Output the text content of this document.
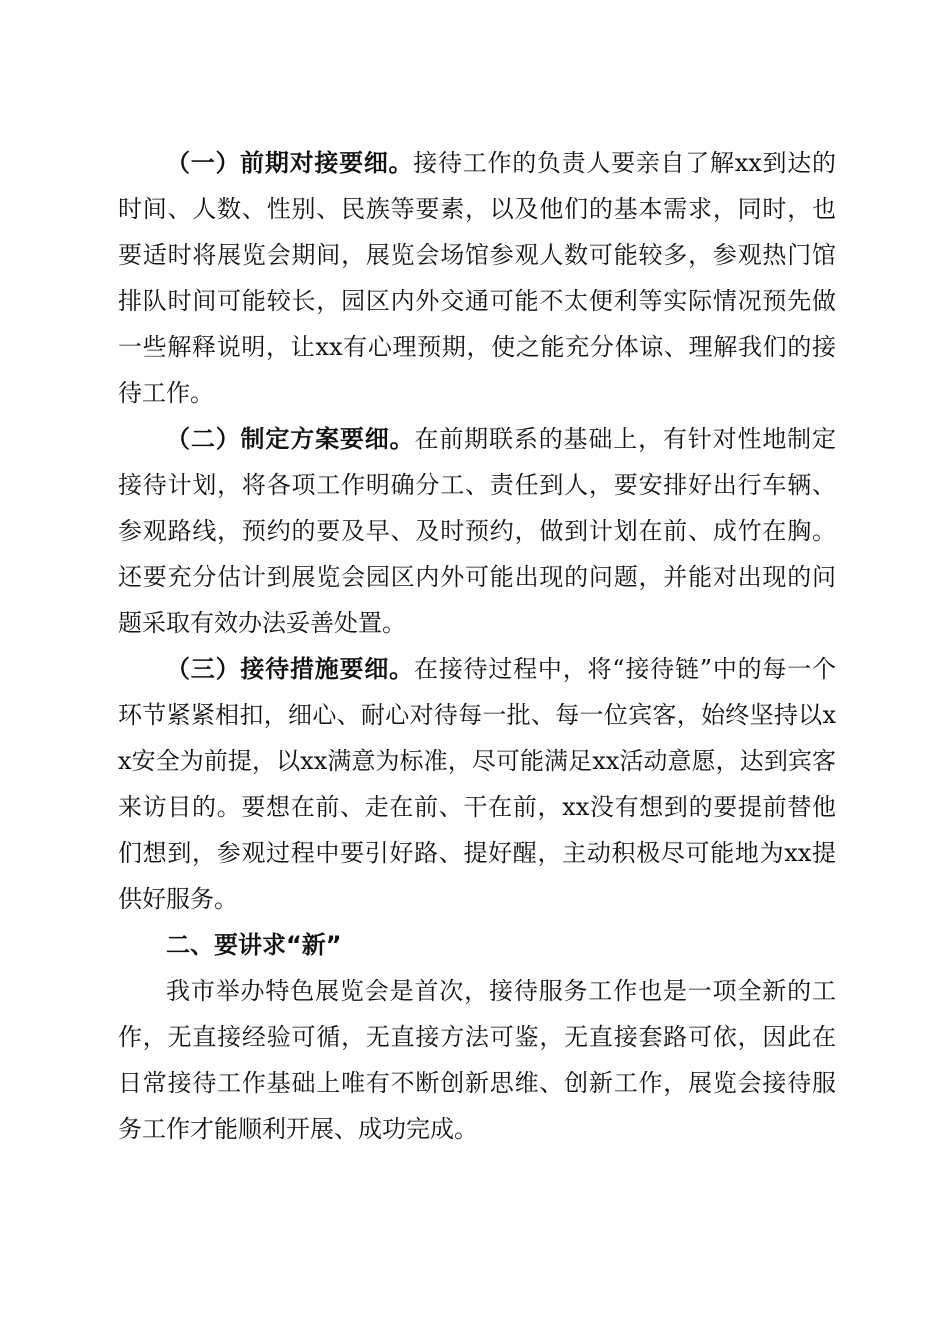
（一）前期对接要细。接待工作的负责人要亲自了解xx到达的时间、人数、性别、民族等要素，以及他们的基本需求，同时，也要适时将展览会期间，展览会场馆参观人数可能较多，参观热门馆排队时间可能较长，园区内外交通可能不太便利等实际情况预先做一些解释说明，让xx有心理预期，使之能充分体谅、理解我们的接待工作。

（二）制定方案要细。在前期联系的基础上，有针对性地制定接待计划，将各项工作明确分工、责任到人，要安排好出行车辆、参观路线，预约的要及早、及时预约，做到计划在前、成竹在胸。还要充分估计到展览会园区内外可能出现的问题，并能对出现的问题采取有效办法妥善处置。

（三）接待措施要细。在接待过程中，将“接待链”中的每一个环节紧紧相扣，细心、耐心对待每一批、每一位宾客，始终坚持以xx安全为前提，以xx满意为标准，尽可能满足xx活动意愿，达到宾客来访目的。要想在前、走在前、干在前，xx没有想到的要提前替他们想到，参观过程中要引好路、提好醒，主动积极尽可能地为xx提供好服务。

二、要讲求“新”

我市举办特色展览会是首次，接待服务工作也是一项全新的工作，无直接经验可循，无直接方法可鉴，无直接套路可依，因此在日常接待工作基础上唯有不断创新思维、创新工作，展览会接待服务工作才能顺利开展、成功完成。
